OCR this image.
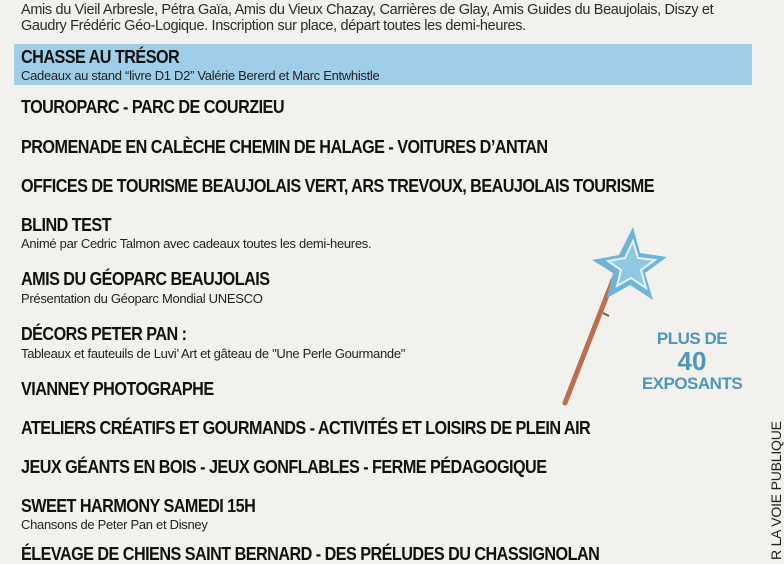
Amis du Vieil Arbresle, Pétra Gaïa, Amis du Vieux Chazay, Carrières de Glay, Amis Guides du Beaujolais, Diszy et
Gaudry Frédéric Géo-Logique. Inscription sur place, départ toutes les demi-heures.
CHASSE AU TRÉSOR
Cadeaux au stand “livre D1 D2” Valérie Bererd et Marc Entwhistle
TOUROPARC - PARC DE COURZIEU
PROMENADE EN CALÈCHE CHEMIN DE HALAGE - VOITURES D’ANTAN
OFFICES DE TOURISME BEAUJOLAIS VERT, ARS TREVOUX, BEAUJOLAIS TOURISME
BLIND TEST
Animé par Cedric Talmon avec cadeaux toutes les demi-heures.
AMIS DU GÉOPARC BEAUJOLAIS
Présentation du Géoparc Mondial UNESCO
DÉCORS PETER PAN :
Tableaux et fauteuils de Luvi’ Art et gâteau de "Une Perle Gourmande"
VIANNEY PHOTOGRAPHE
ATELIERS CRÉATIFS ET GOURMANDS - ACTIVITÉS ET LOISIRS DE PLEIN AIR
JEUX GÉANTS EN BOIS - JEUX GONFLABLES - FERME PÉDAGOGIQUE
SWEET HARMONY SAMEDI 15H
Chansons de Peter Pan et Disney
ÉLEVAGE DE CHIENS SAINT BERNARD - DES PRÉLUDES DU CHASSIGNOLAN
PLUS DE
40
EXPOSANTS
R LA VOIE PUBLIQUE
